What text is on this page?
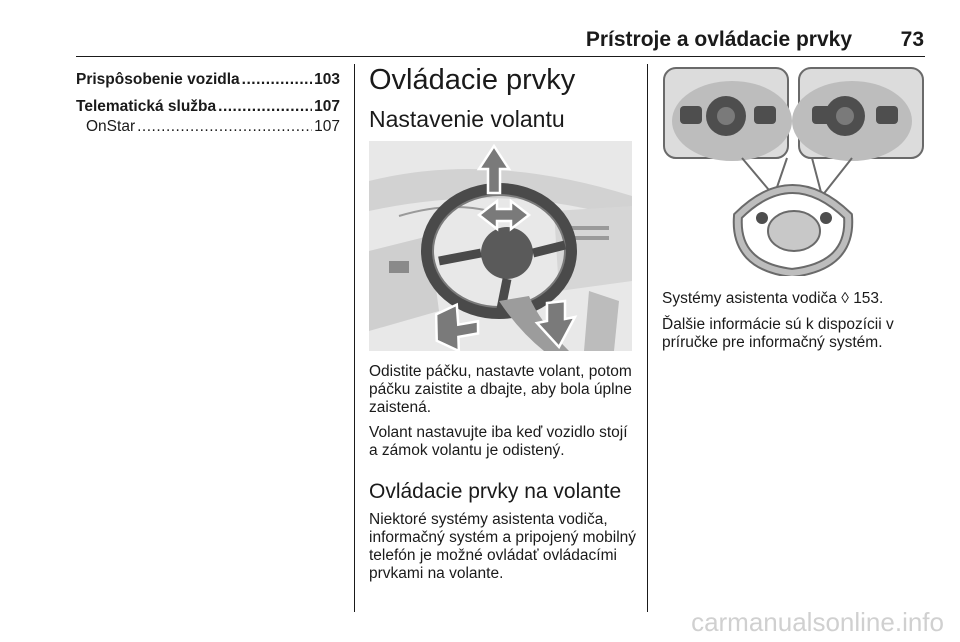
Prístroje a ovládacie prvky 73
Prispôsobenie vozidla .....	103
Telematická služba .....	107
OnStar .....	107
Ovládacie prvky
Nastavenie volantu

Odistite páčku, nastavte volant, potom páčku zaistite a dbajte, aby bola úplne zaistená.

Volant nastavujte iba keď vozidlo stojí a zámok volantu je odistený.

Ovládacie prvky na volante

Niektoré systémy asistenta vodiča, informačný systém a pripojený mobilný telefón je možné ovládať ovládacími prvkami na volante.

Systémy asistenta vodiča ◊ 153.

Ďalšie informácie sú k dispozícii v príručke pre informačný systém.

carmanualsonline.info
